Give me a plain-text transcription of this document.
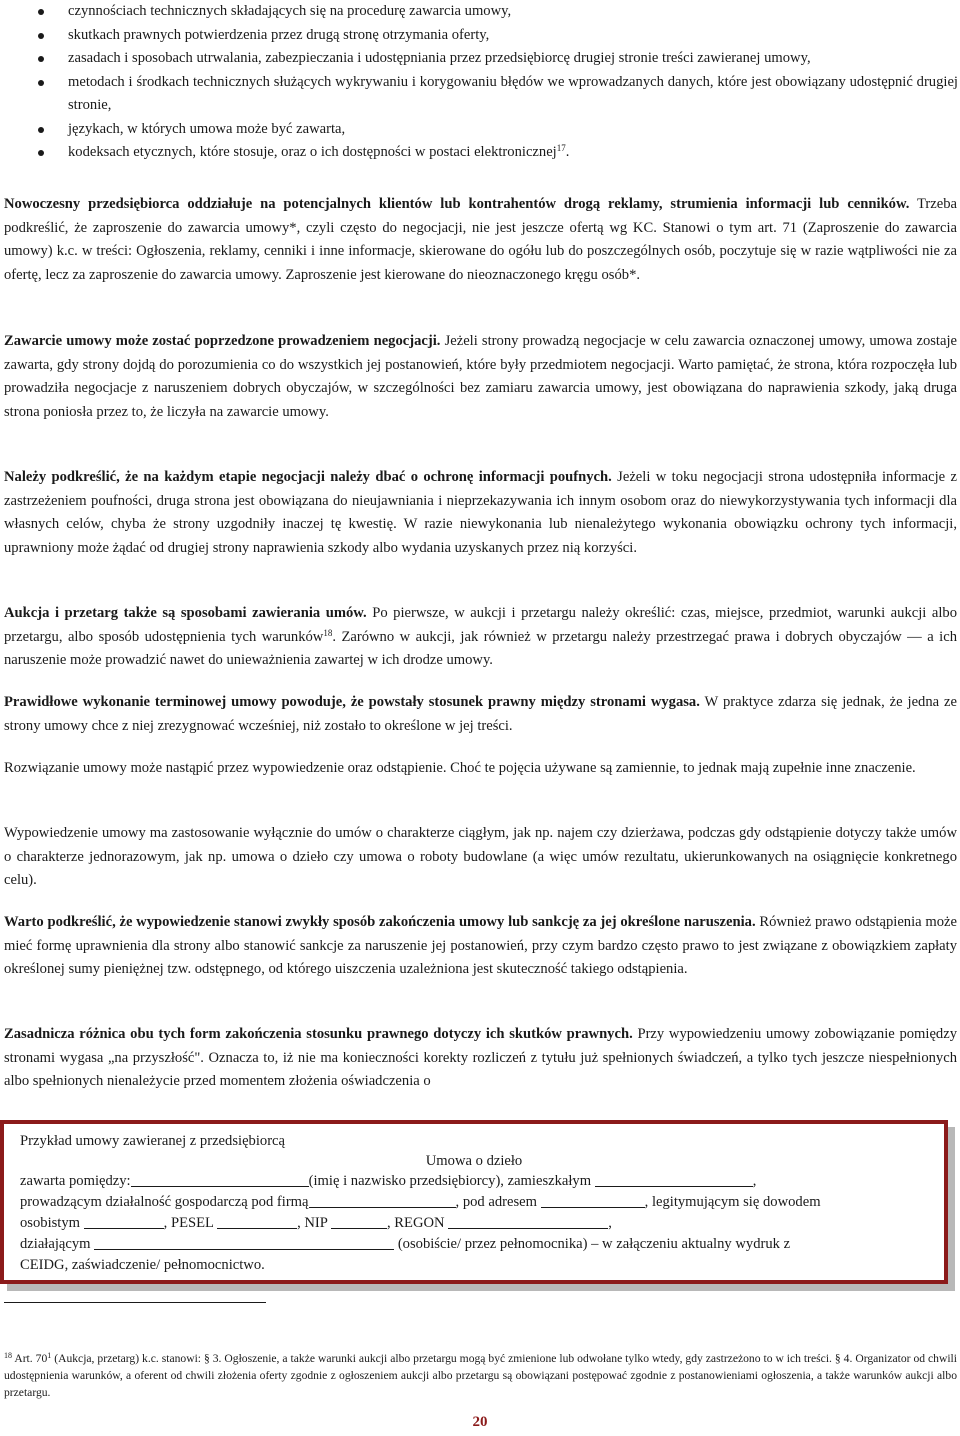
czynnościach technicznych składających się na procedurę zawarcia umowy,
skutkach prawnych potwierdzenia przez drugą stronę otrzymania oferty,
zasadach i sposobach utrwalania, zabezpieczania i udostępniania przez przedsiębiorcę drugiej stronie treści zawieranej umowy,
metodach i środkach technicznych służących wykrywaniu i korygowaniu błędów we wprowadzanych danych, które jest obowiązany udostępnić drugiej stronie,
językach, w których umowa może być zawarta,
kodeksach etycznych, które stosuje, oraz o ich dostępności w postaci elektronicznej$^{17}$.

Nowoczesny przedsiębiorca oddziałuje na potencjalnych klientów lub kontrahentów drogą reklamy, strumienia informacji lub cenników. Trzeba podkreślić, że zaproszenie do zawarcia umowy*, czyli często do negocjacji, nie jest jeszcze ofertą wg KC. Stanowi o tym art. 71 (Zaproszenie do zawarcia umowy) k.c. w treści: Ogłoszenia, reklamy, cenniki i inne informacje, skierowane do ogółu lub do poszczególnych osób, poczytuje się w razie wątpliwości nie za ofertę, lecz za zaproszenie do zawarcia umowy. Zaproszenie jest kierowane do nieoznaczonego kręgu osób*.

Zawarcie umowy może zostać poprzedzone prowadzeniem negocjacji. Jeżeli strony prowadzą negocjacje w celu zawarcia oznaczonej umowy, umowa zostaje zawarta, gdy strony dojdą do porozumienia co do wszystkich jej postanowień, które były przedmiotem negocjacji. Warto pamiętać, że strona, która rozpoczęła lub prowadziła negocjacje z naruszeniem dobrych obyczajów, w szczególności bez zamiaru zawarcia umowy, jest obowiązana do naprawienia szkody, jaką druga strona poniosła przez to, że liczyła na zawarcie umowy.

Należy podkreślić, że na każdym etapie negocjacji należy dbać o ochronę informacji poufnych. Jeżeli w toku negocjacji strona udostępniła informacje z zastrzeżeniem poufności, druga strona jest obowiązana do nieujawniania i nieprzekazywania ich innym osobom oraz do niewykorzystywania tych informacji dla własnych celów, chyba że strony uzgodniły inaczej tę kwestię. W razie niewykonania lub nienależytego wykonania obowiązku ochrony tych informacji, uprawniony może żądać od drugiej strony naprawienia szkody albo wydania uzyskanych przez nią korzyści.

Aukcja i przetarg także są sposobami zawierania umów. Po pierwsze, w aukcji i przetargu należy określić: czas, miejsce, przedmiot, warunki aukcji albo przetargu, albo sposób udostępnienia tych warunków$^{18}$. Zarówno w aukcji, jak również w przetargu należy przestrzegać prawa i dobrych obyczajów — a ich naruszenie może prowadzić nawet do unieważnienia zawartej w ich drodze umowy.

Prawidłowe wykonanie terminowej umowy powoduje, że powstały stosunek prawny między stronami wygasa. W praktyce zdarza się jednak, że jedna ze strony umowy chce z niej zrezygnować wcześniej, niż zostało to określone w jej treści.

Rozwiązanie umowy może nastąpić przez wypowiedzenie oraz odstąpienie. Choć te pojęcia używane są zamiennie, to jednak mają zupełnie inne znaczenie.

Wypowiedzenie umowy ma zastosowanie wyłącznie do umów o charakterze ciągłym, jak np. najem czy dzierżawa, podczas gdy odstąpienie dotyczy także umów o charakterze jednorazowym, jak np. umowa o dzieło czy umowa o roboty budowlane (a więc umów rezultatu, ukierunkowanych na osiągnięcie konkretnego celu).

Warto podkreślić, że wypowiedzenie stanowi zwykły sposób zakończenia umowy lub sankcję za jej określone naruszenia. Również prawo odstąpienia może mieć formę uprawnienia dla strony albo stanowić sankcje za naruszenie jej postanowień, przy czym bardzo często prawo to jest związane z obowiązkiem zapłaty określonej sumy pieniężnej tzw. odstępnego, od którego uiszczenia uzależniona jest skuteczność takiego odstąpienia.

Zasadnicza różnica obu tych form zakończenia stosunku prawnego dotyczy ich skutków prawnych. Przy wypowiedzeniu umowy zobowiązanie pomiędzy stronami wygasa „na przyszłość". Oznacza to, iż nie ma konieczności korekty rozliczeń z tytułu już spełnionych świadczeń, a tylko tych jeszcze niespełnionych albo spełnionych nienależycie przed momentem złożenia oświadczenia o

Przykład umowy zawieranej z przedsiębiorcą
Umowa o dzieło
zawarta pomiędzy:	(imię i nazwisko przedsiębiorcy), zamieszkałym	,
prowadzącym działalność gospodarczą pod firmą	, pod adresem	, legitymującym się dowodem
osobistym	, PESEL	, NIP	, REGON	,
działającym	(osobiście/ przez pełnomocnika) – w załączeniu aktualny wydruk z
CEIDG, zaświadczenie/ pełnomocnictwo.

$^{18}$ Art. $70^1$ (Aukcja, przetarg) k.c. stanowi: § 3. Ogłoszenie, a także warunki aukcji albo przetargu mogą być zmienione lub odwołane tylko wtedy, gdy zastrzeżono to w ich treści. § 4. Organizator od chwili udostępnienia warunków, a oferent od chwili złożenia oferty zgodnie z ogłoszeniem aukcji albo przetargu są obowiązani postępować zgodnie z postanowieniami ogłoszenia, a także warunków aukcji albo przetargu.

20
